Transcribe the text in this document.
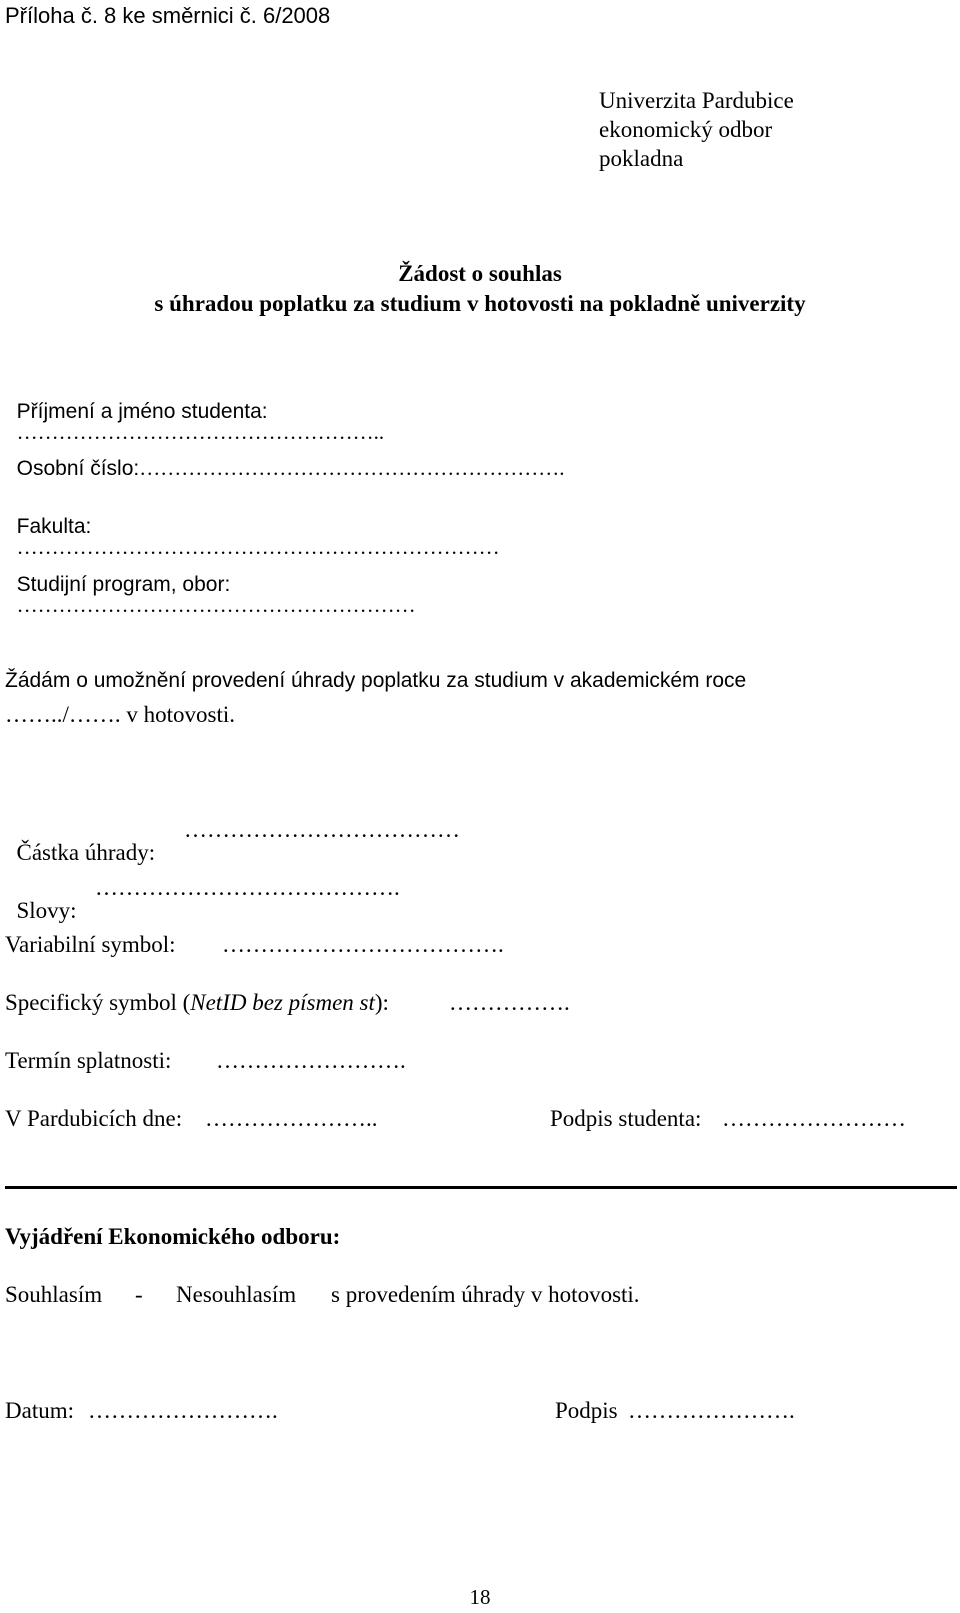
Příloha č. 8 ke směrnici č. 6/2008
Univerzita Pardubice
ekonomický odbor
pokladna
Žádost o souhlas
s úhradou poplatku za studium v hotovosti na pokladně univerzity

Příjmení a jméno studenta:
……………………………………………..

Osobní číslo:…………………………………………………….

Fakulta:
……………………………………………………………

Studijní program, obor:
…………………………………………………

Žádám o umožnění provedení úhrady poplatku za studium v akademickém roce
……../……. v hotovosti.

Částka úhrady:

………………………………

Slovy:

………………………………….
Variabilní symbol: ……………………………….
Specifický symbol (NetID bez písmen st):	…………….
Termín splatnosti: …………………….
V Pardubicích dne: …………………..	Podpis studenta: ……………………
Vyjádření Ekonomického odboru:
Souhlasím - Nesouhlasím s provedením úhrady v hotovosti.
Datum: …………………….	Podpis ………………….
18
